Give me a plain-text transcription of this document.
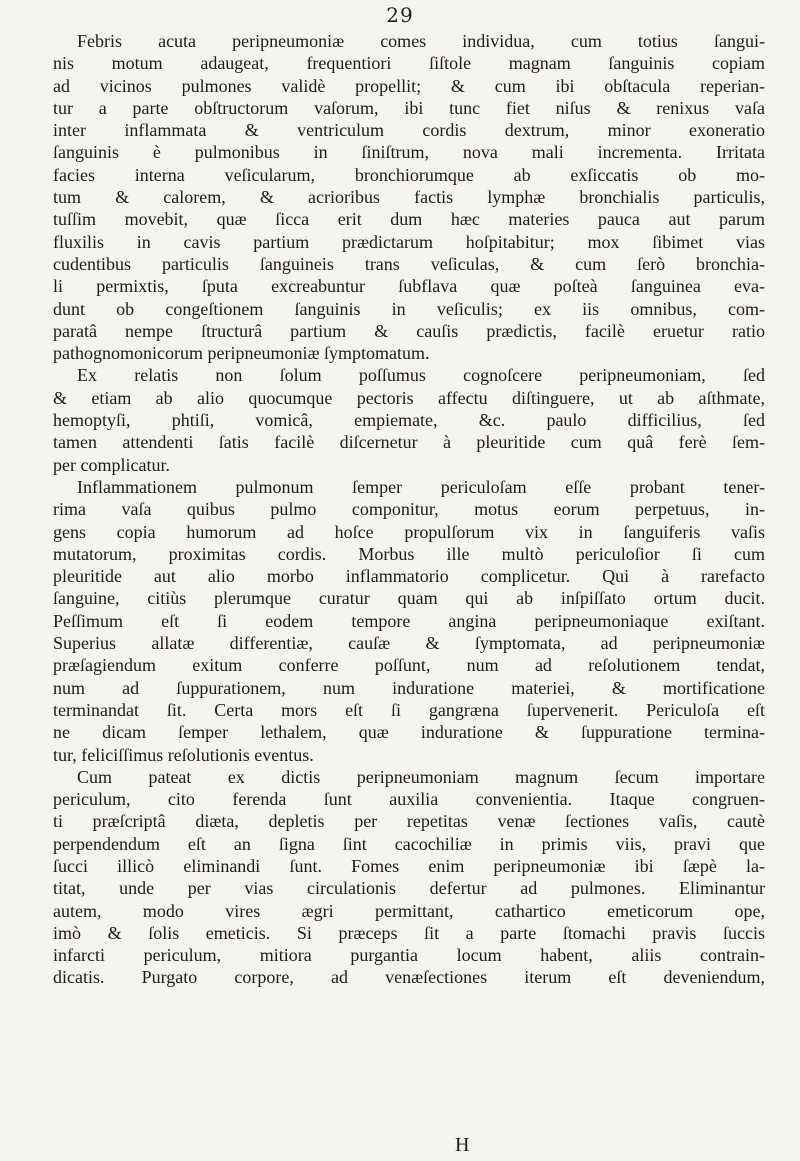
29
Febris acuta peripneumoniæ comes individua, cum totius ſangui-
nis motum adaugeat, frequentiori ſiſtole magnam ſanguinis copiam
ad vicinos pulmones validè propellit; & cum ibi obſtacula reperian-
tur a parte obſtructorum vaſorum, ibi tunc fiet niſus & renixus vaſa
inter inflammata & ventriculum cordis dextrum, minor exoneratio
ſanguinis è pulmonibus in ſiniſtrum, nova mali incrementa. Irritata
facies interna veſicularum, bronchiorumque ab exſiccatis ob mo-
tum & calorem, & acrioribus factis lymphæ bronchialis particulis,
tuſſim movebit, quæ ſicca erit dum hæc materies pauca aut parum
fluxilis in cavis partium prædictarum hoſpitabitur; mox ſibimet vias
cudentibus particulis ſanguineis trans veſiculas, & cum ſerò bronchia-
li permixtis, ſputa excreabuntur ſubflava quæ poſteà ſanguinea eva-
dunt ob congeſtionem ſanguinis in veſiculis; ex iis omnibus, com-
paratâ nempe ſtructurâ partium & cauſis prædictis, facilè eruetur ratio
pathognomonicorum peripneumoniæ ſymptomatum.
Ex relatis non ſolum poſſumus cognoſcere peripneumoniam, ſed
& etiam ab alio quocumque pectoris affectu diſtinguere, ut ab aſthmate,
hemoptyſi, phtiſi, vomicâ, empiemate, &c. paulo difficilius, ſed
tamen attendenti ſatis facilè diſcernetur à pleuritide cum quâ ferè ſem-
per complicatur.
Inflammationem pulmonum ſemper periculoſam eſſe probant tener-
rima vaſa quibus pulmo componitur, motus eorum perpetuus, in-
gens copia humorum ad hoſce propulſorum vix in ſanguiferis vaſis
mutatorum, proximitas cordis. Morbus ille multò periculoſior ſi cum
pleuritide aut alio morbo inflammatorio complicetur. Qui à rarefacto
ſanguine, citiùs plerumque curatur quam qui ab inſpiſſato ortum ducit.
Peſſimum eſt ſi eodem tempore angina peripneumoniaque exiſtant.
Superius allatæ differentiæ, cauſæ & ſymptomata, ad peripneumoniæ
præſagiendum exitum conferre poſſunt, num ad reſolutionem tendat,
num ad ſuppurationem, num induratione materiei, & mortificatione
terminandat ſit. Certa mors eſt ſi gangræna ſupervenerit. Periculoſa eſt
ne dicam ſemper lethalem, quæ induratione & ſuppuratione termina-
tur, feliciſſimus reſolutionis eventus.
Cum pateat ex dictis peripneumoniam magnum ſecum importare
periculum, cito ferenda ſunt auxilia convenientia. Itaque congruen-
ti præſcriptâ diæta, depletis per repetitas venæ ſectiones vaſis, cautè
perpendendum eſt an ſigna ſint cacochiliæ in primis viis, pravi que
ſucci illicò eliminandi ſunt. Fomes enim peripneumoniæ ibi ſæpè la-
titat, unde per vias circulationis defertur ad pulmones. Eliminantur
autem, modo vires ægri permittant, cathartico emeticorum ope,
imò & ſolis emeticis. Si præceps ſit a parte ſtomachi pravis ſuccis
infarcti periculum, mitiora purgantia locum habent, aliis contrain-
dicatis. Purgato corpore, ad venæſectiones iterum eſt deveniendum,
H
